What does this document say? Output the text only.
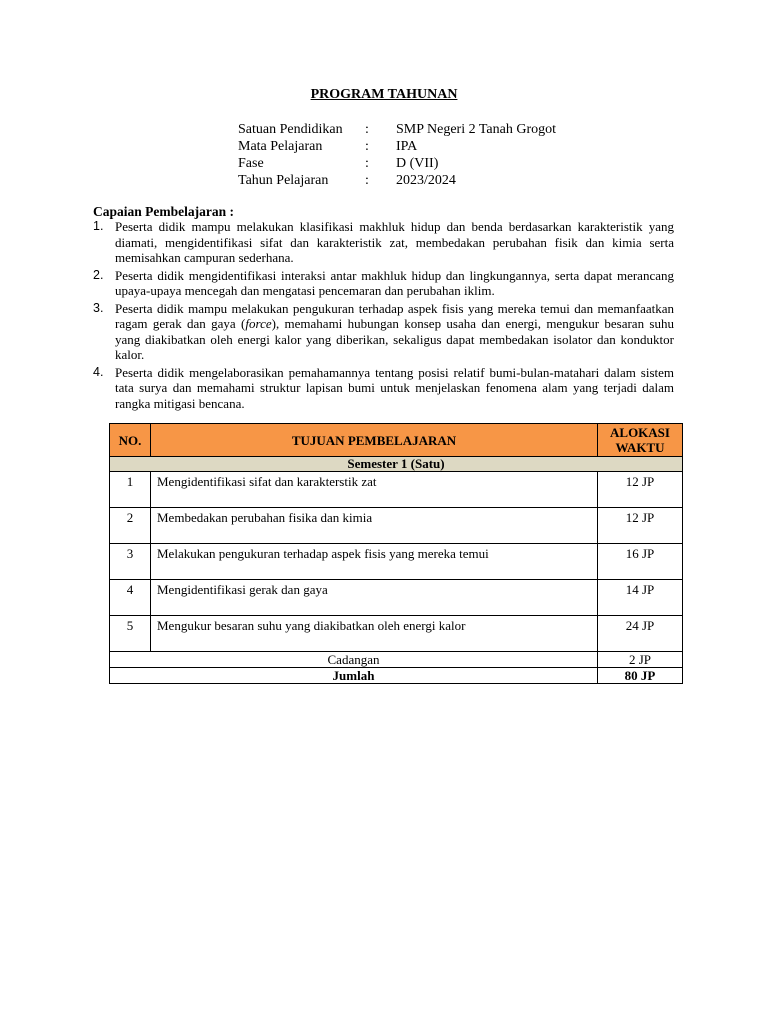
PROGRAM TAHUNAN
Satuan Pendidikan	:	SMP Negeri 2 Tanah Grogot
Mata Pelajaran	:	IPA
Fase	:	D (VII)
Tahun Pelajaran	:	2023/2024
Capaian Pembelajaran :
1. Peserta didik mampu melakukan klasifikasi makhluk hidup dan benda berdasarkan karakteristik yang diamati, mengidentifikasi sifat dan karakteristik zat, membedakan perubahan fisik dan kimia serta memisahkan campuran sederhana.
2. Peserta didik mengidentifikasi interaksi antar makhluk hidup dan lingkungannya, serta dapat merancang upaya-upaya mencegah dan mengatasi pencemaran dan perubahan iklim.
3. Peserta didik mampu melakukan pengukuran terhadap aspek fisis yang mereka temui dan memanfaatkan ragam gerak dan gaya (force), memahami hubungan konsep usaha dan energi, mengukur besaran suhu yang diakibatkan oleh energi kalor yang diberikan, sekaligus dapat membedakan isolator dan konduktor kalor.
4. Peserta didik mengelaborasikan pemahamannya tentang posisi relatif bumi-bulan-matahari dalam sistem tata surya dan memahami struktur lapisan bumi untuk menjelaskan fenomena alam yang terjadi dalam rangka mitigasi bencana.
NO.	TUJUAN PEMBELAJARAN	ALOKASI WAKTU
Semester 1 (Satu)		
1	Mengidentifikasi sifat dan karakterstik zat	12 JP
2	Membedakan perubahan fisika dan kimia	12 JP
3	Melakukan pengukuran terhadap aspek fisis yang mereka temui	16 JP
4	Mengidentifikasi gerak dan gaya	14 JP
5	Mengukur besaran suhu yang diakibatkan oleh energi kalor	24 JP
Cadangan		2 JP
Jumlah		80 JP
